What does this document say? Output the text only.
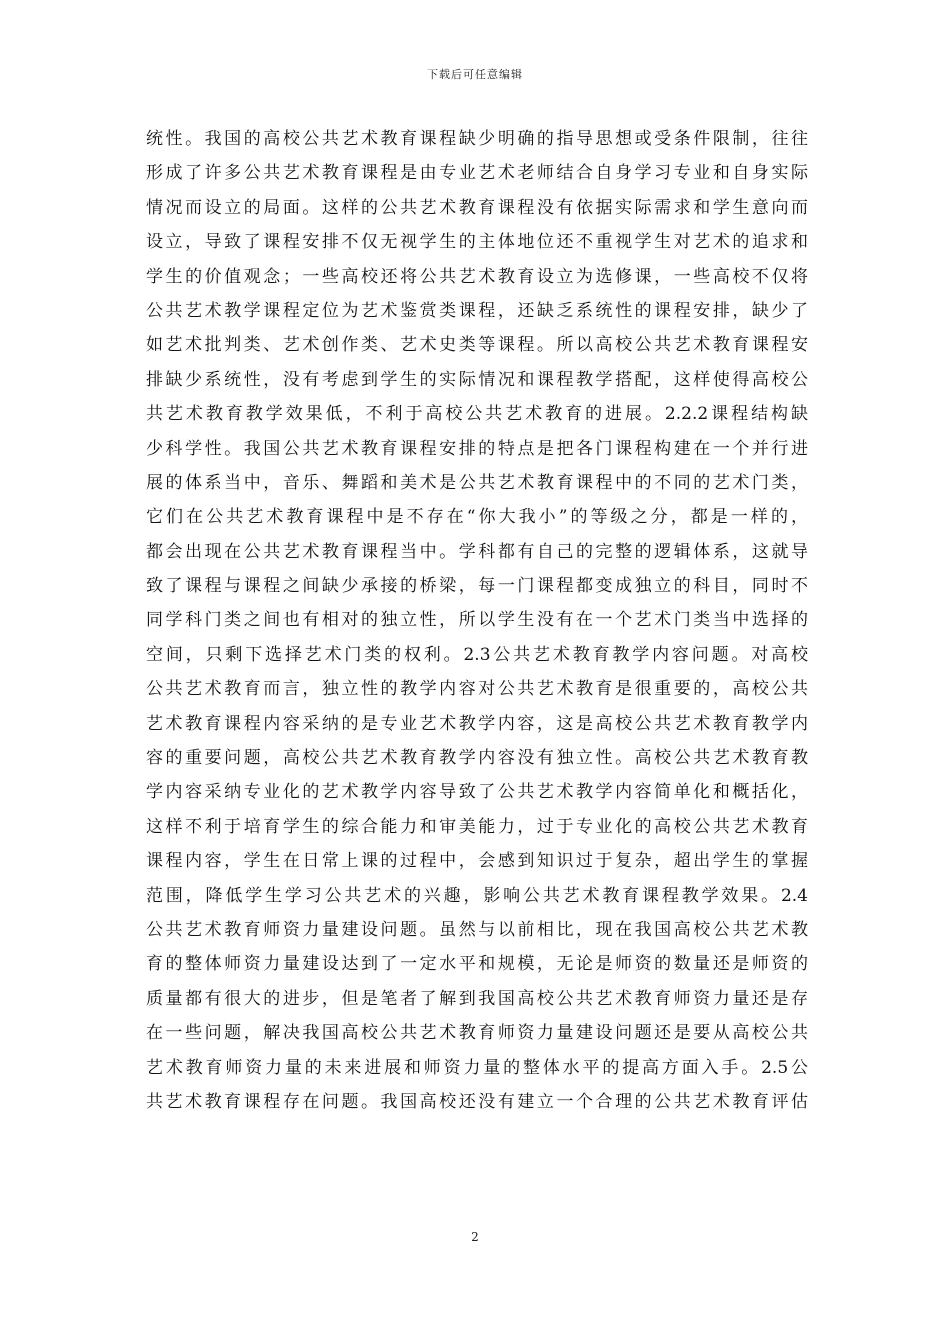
下载后可任意编辑
统性。我国的高校公共艺术教育课程缺少明确的指导思想或受条件限制，往往
形成了许多公共艺术教育课程是由专业艺术老师结合自身学习专业和自身实际
情况而设立的局面。这样的公共艺术教育课程没有依据实际需求和学生意向而
设立，导致了课程安排不仅无视学生的主体地位还不重视学生对艺术的追求和
学生的价值观念；一些高校还将公共艺术教育设立为选修课，一些高校不仅将
公共艺术教学课程定位为艺术鉴赏类课程，还缺乏系统性的课程安排，缺少了
如艺术批判类、艺术创作类、艺术史类等课程。所以高校公共艺术教育课程安
排缺少系统性，没有考虑到学生的实际情况和课程教学搭配，这样使得高校公
共艺术教育教学效果低，不利于高校公共艺术教育的进展。2.2.2课程结构缺
少科学性。我国公共艺术教育课程安排的特点是把各门课程构建在一个并行进
展的体系当中，音乐、舞蹈和美术是公共艺术教育课程中的不同的艺术门类，
它们在公共艺术教育课程中是不存在“你大我小”的等级之分，都是一样的，
都会出现在公共艺术教育课程当中。学科都有自己的完整的逻辑体系，这就导
致了课程与课程之间缺少承接的桥梁，每一门课程都变成独立的科目，同时不
同学科门类之间也有相对的独立性，所以学生没有在一个艺术门类当中选择的
空间，只剩下选择艺术门类的权利。2.3公共艺术教育教学内容问题。对高校
公共艺术教育而言，独立性的教学内容对公共艺术教育是很重要的，高校公共
艺术教育课程内容采纳的是专业艺术教学内容，这是高校公共艺术教育教学内
容的重要问题，高校公共艺术教育教学内容没有独立性。高校公共艺术教育教
学内容采纳专业化的艺术教学内容导致了公共艺术教学内容简单化和概括化，
这样不利于培育学生的综合能力和审美能力，过于专业化的高校公共艺术教育
课程内容，学生在日常上课的过程中，会感到知识过于复杂，超出学生的掌握
范围，降低学生学习公共艺术的兴趣，影响公共艺术教育课程教学效果。2.4
公共艺术教育师资力量建设问题。虽然与以前相比，现在我国高校公共艺术教
育的整体师资力量建设达到了一定水平和规模，无论是师资的数量还是师资的
质量都有很大的进步，但是笔者了解到我国高校公共艺术教育师资力量还是存
在一些问题，解决我国高校公共艺术教育师资力量建设问题还是要从高校公共
艺术教育师资力量的未来进展和师资力量的整体水平的提高方面入手。2.5公
共艺术教育课程存在问题。我国高校还没有建立一个合理的公共艺术教育评估
2
